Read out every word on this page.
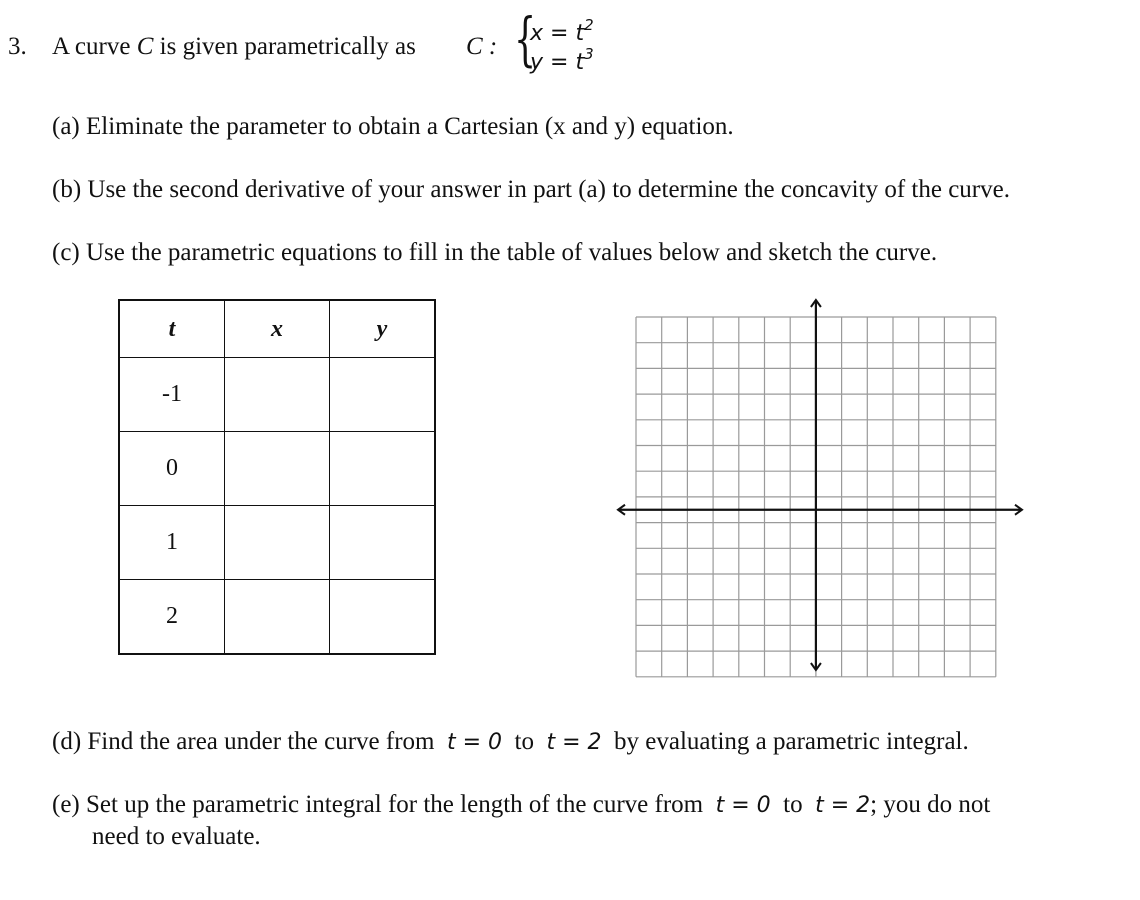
3. A curve C is given parametrically as C : {
$x = t^2$
$y = t^3$
(a) Eliminate the parameter to obtain a Cartesian (x and y) equation.
(b) Use the second derivative of your answer in part (a) to determine the concavity of the curve.
(c) Use the parametric equations to fill in the table of values below and sketch the curve.
t	x	y
-1		
0		
1		
2		
(d) Find the area under the curve from t = 0 to t = 2 by evaluating a parametric integral.
(e) Set up the parametric integral for the length of the curve from t = 0 to t = 2; you do not
need to evaluate.
